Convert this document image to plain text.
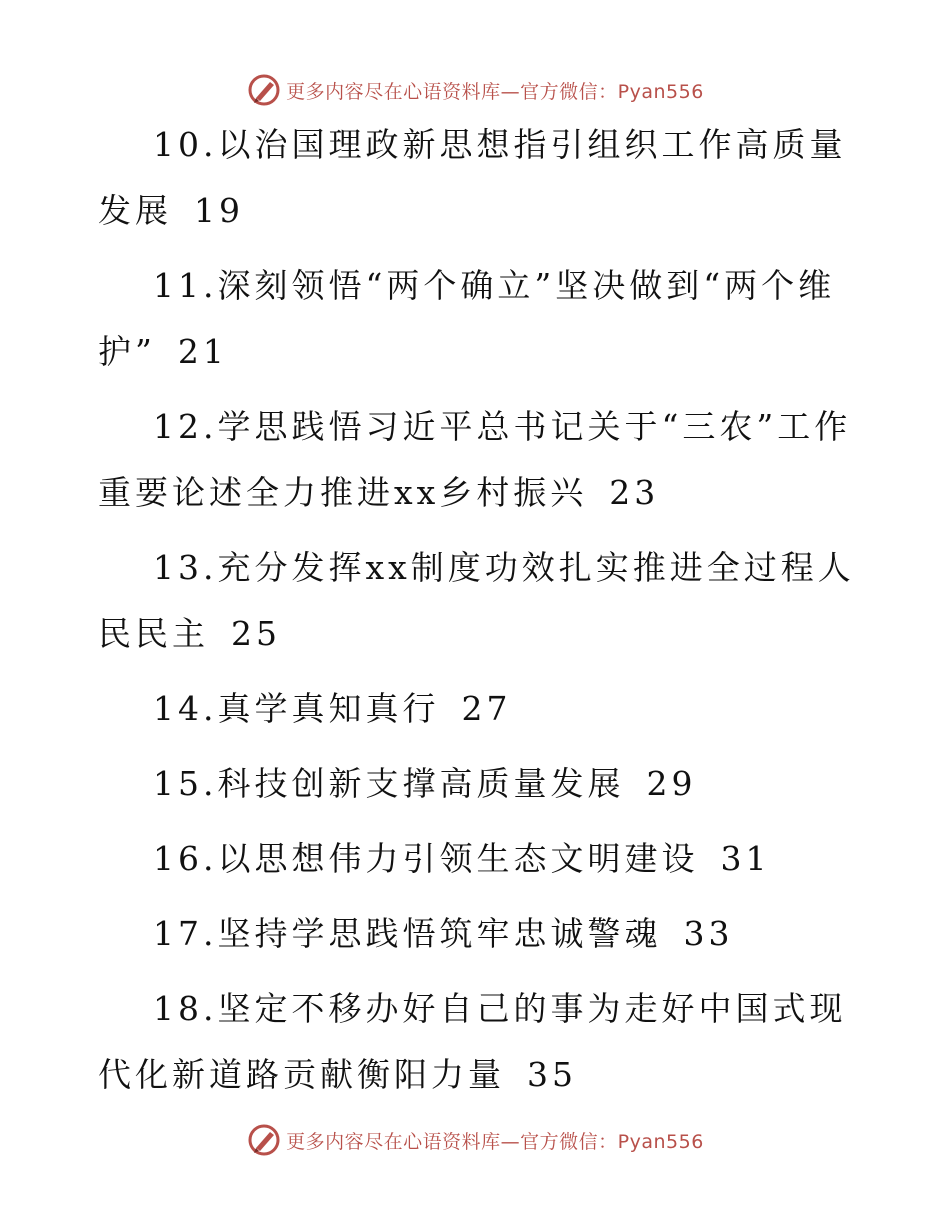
更多内容尽在心语资料库—官方微信：Pyan556

10.以治国理政新思想指引组织工作高质量发展 19

11.深刻领悟“两个确立”坚决做到“两个维护” 21

12.学思践悟习近平总书记关于“三农”工作重要论述全力推进xx乡村振兴 23

13.充分发挥xx制度功效扎实推进全过程人民民主 25

14.真学真知真行 27

15.科技创新支撑高质量发展 29

16.以思想伟力引领生态文明建设 31

17.坚持学思践悟筑牢忠诚警魂 33

18.坚定不移办好自己的事为走好中国式现代化新道路贡献衡阳力量 35

更多内容尽在心语资料库—官方微信：Pyan556
